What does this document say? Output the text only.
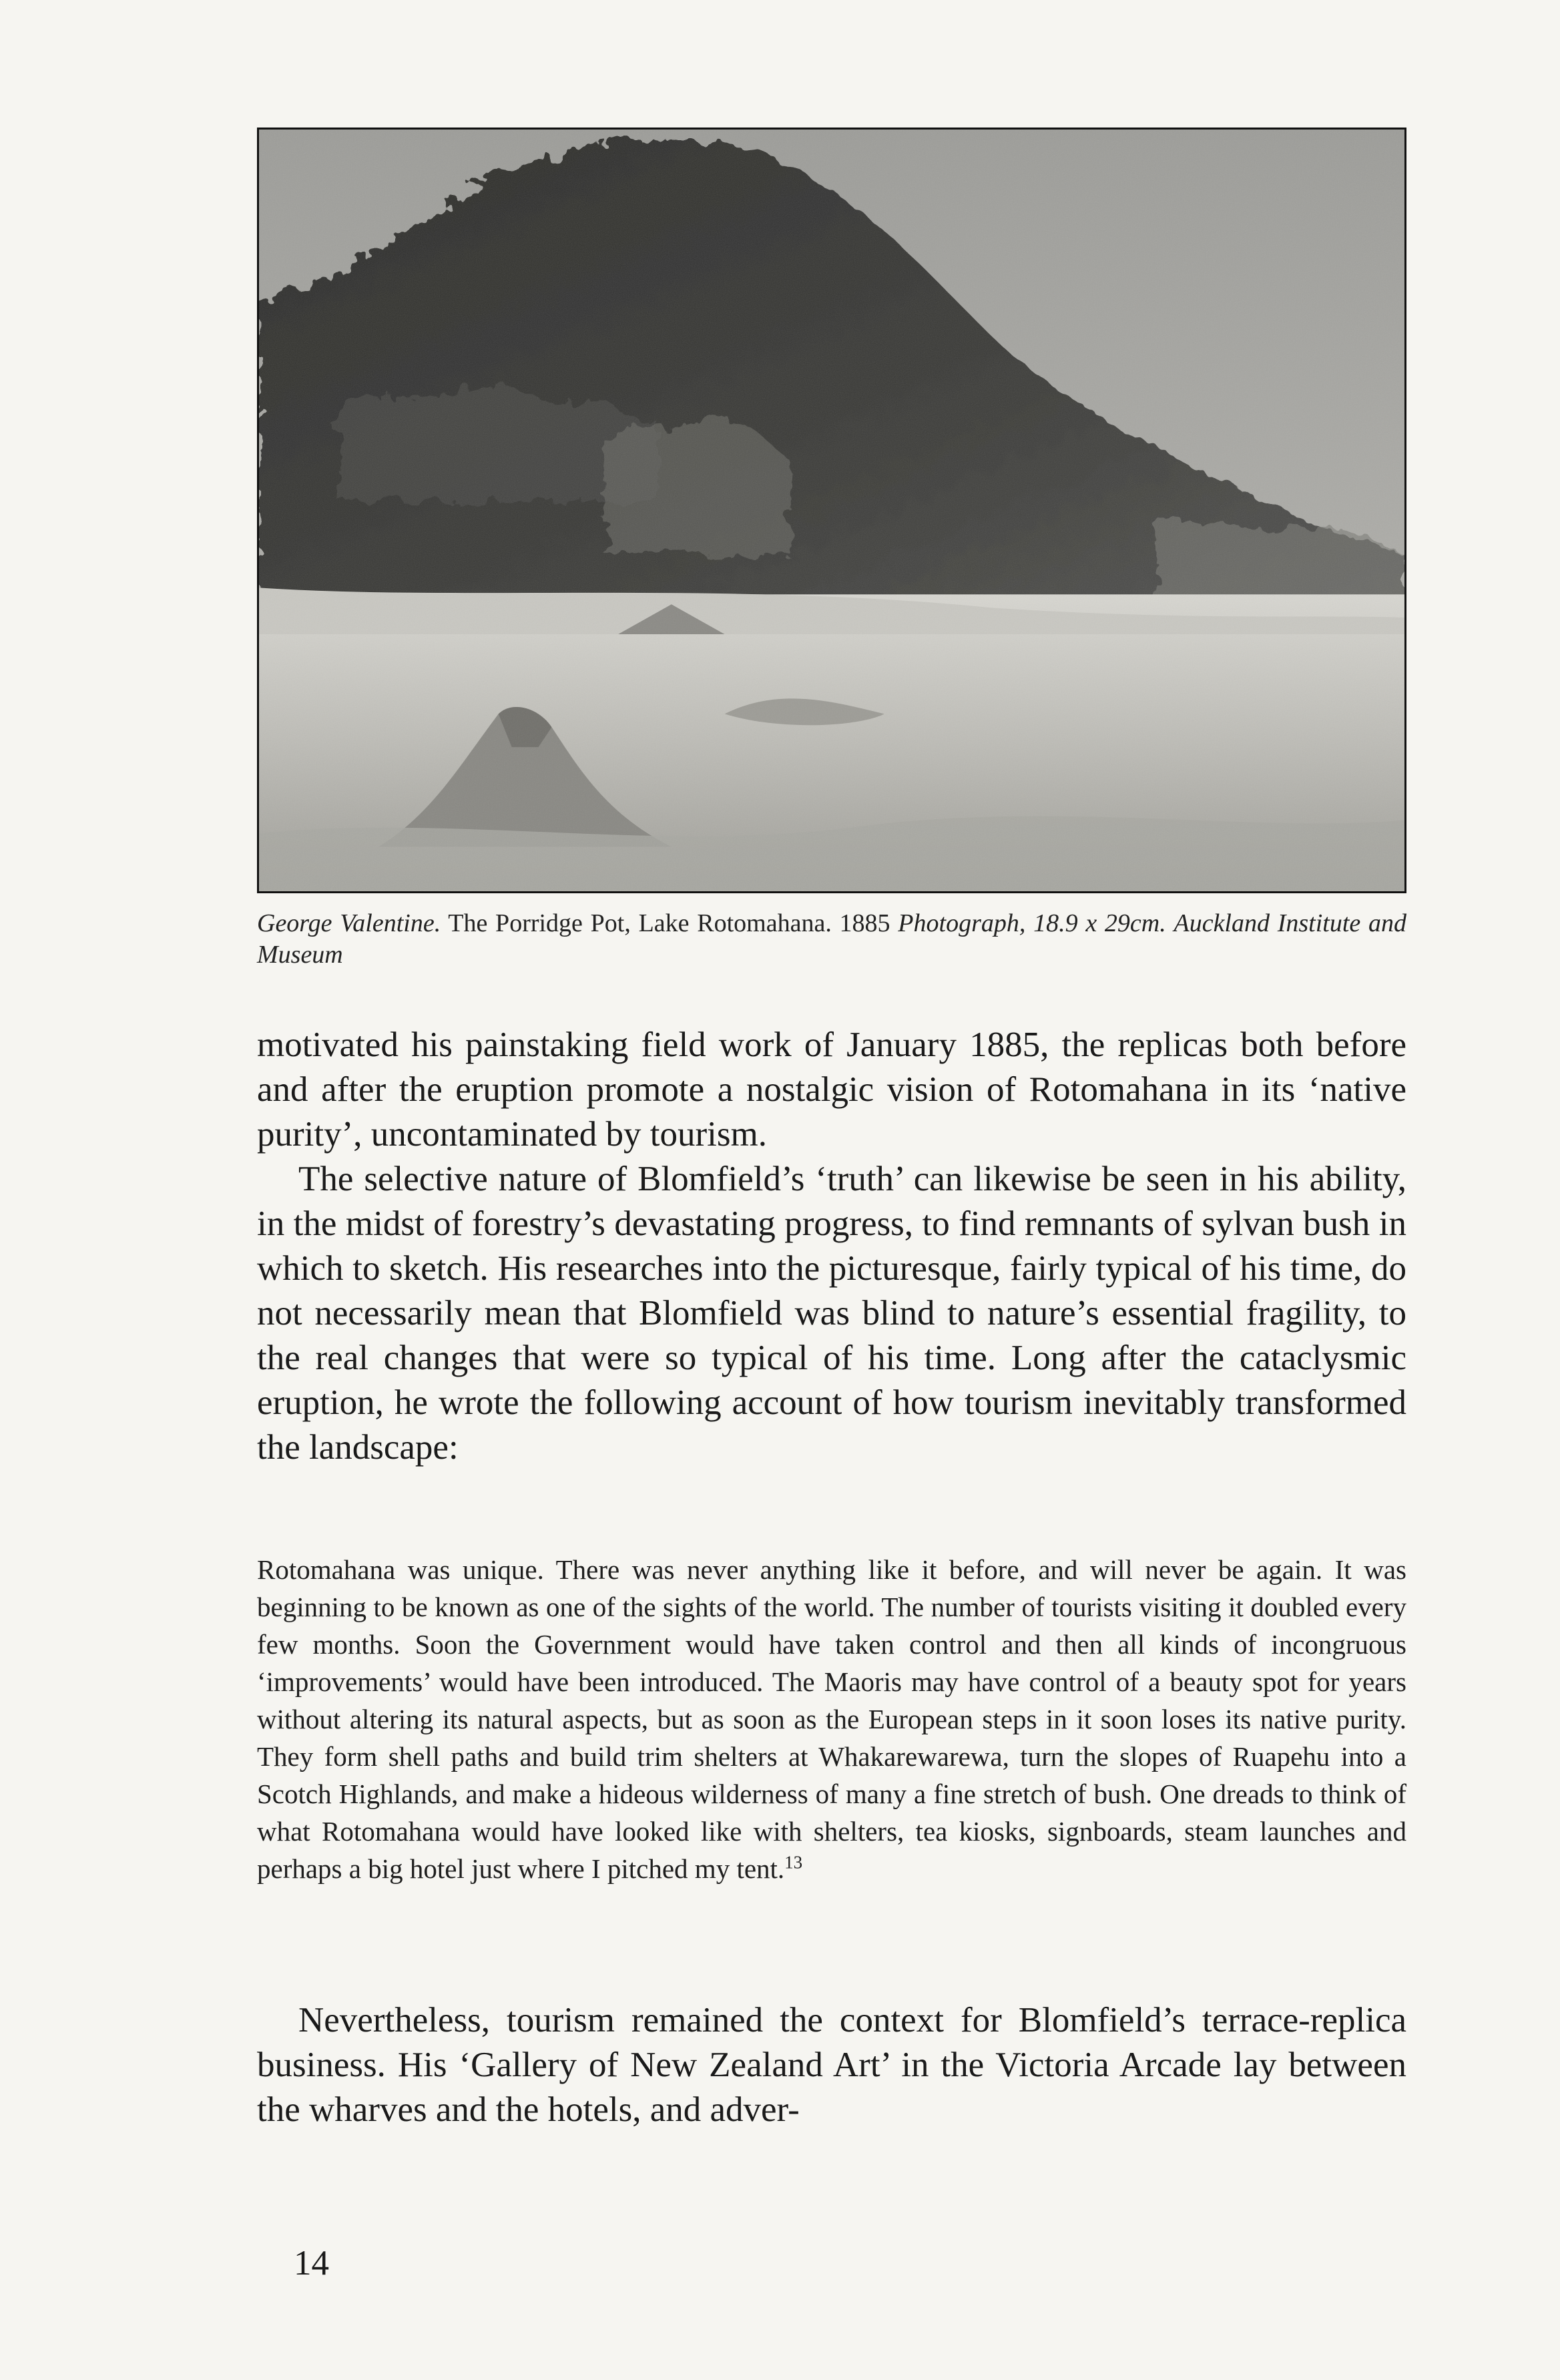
George Valentine. The Porridge Pot, Lake Rotomahana. 1885 Photograph, 18.9 x 29cm. Auckland Institute and Museum

motivated his painstaking field work of January 1885, the replicas both before and after the eruption promote a nostalgic vision of Rotomahana in its ‘native purity’, uncontaminated by tourism.

The selective nature of Blomfield’s ‘truth’ can likewise be seen in his ability, in the midst of forestry’s devastating progress, to find remnants of sylvan bush in which to sketch. His researches into the picturesque, fairly typical of his time, do not necessarily mean that Blomfield was blind to nature’s essential fragility, to the real changes that were so typical of his time. Long after the cataclysmic eruption, he wrote the following account of how tourism inevitably transformed the landscape:

Rotomahana was unique. There was never anything like it before, and will never be again. It was beginning to be known as one of the sights of the world. The number of tourists visiting it doubled every few months. Soon the Government would have taken control and then all kinds of incongruous ‘improvements’ would have been introduced. The Maoris may have control of a beauty spot for years without altering its natural aspects, but as soon as the European steps in it soon loses its native purity. They form shell paths and build trim shelters at Whakarewarewa, turn the slopes of Ruapehu into a Scotch Highlands, and make a hideous wilderness of many a fine stretch of bush. One dreads to think of what Rotomahana would have looked like with shelters, tea kiosks, signboards, steam launches and perhaps a big hotel just where I pitched my tent.$^{13}$

Nevertheless, tourism remained the context for Blomfield’s terrace-replica business. His ‘Gallery of New Zealand Art’ in the Victoria Arcade lay between the wharves and the hotels, and adver-

14
